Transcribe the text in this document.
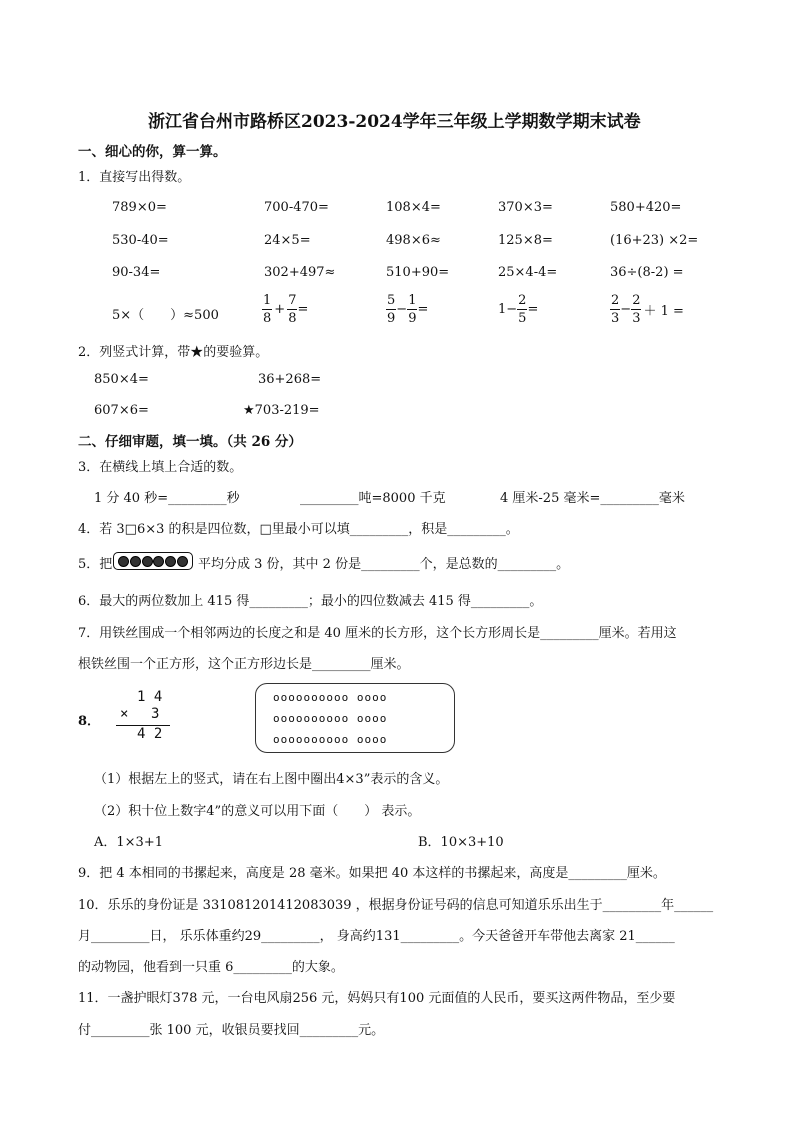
浙江省台州市路桥区2023-2024学年三年级上学期数学期末试卷
一、细心的你，算一算。
1．直接写出得数。
789×0=	700-470=	108×4=	370×3=	580+420=
530-40=	24×5=	498×6≈	125×8=	(16+23) ×2=
90-34=	302+497≈	510+90=	25×4-4=	36÷(8-2) =
5×（　　）≈500	$\frac{1}{8} + \frac{7}{8}$ =	$\frac{5}{9} - \frac{1}{9}$ =	$1- \frac{2}{5}$ =	$\frac{2}{3} - \frac{2}{3} + 1$ =
2．列竖式计算，带★的要验算。
850×4=	36+268=
607×6=	★703-219=
二、仔细审题，填一填。（共 26 分）
3．在横线上填上合适的数。
1 分 40 秒=_________秒	_________吨=8000 千克	4 厘米-25 毫米=_________毫米
4．若 3□6×3 的积是四位数，□里最小可以填_________，积是_________。
5．把	平均分成 3 份，其中 2 份是_________个，是总数的_________。
6．最大的两位数加上 415 得_________；最小的四位数减去 415 得_________。
7．用铁丝围成一个相邻两边的长度之和是 40 厘米的长方形，这个长方形周长是_________厘米。若用这
根铁丝围一个正方形，这个正方形边长是_________厘米。
8．
1 4
× 3
4 2
oooooooooo oooo
oooooooooo oooo
oooooooooo oooo
（1）根据左上的竖式，请在右上图中圈出4×3”表示的含义。
（2）积十位上数字4”的意义可以用下面（　　） 表示。
A．1×3+1	B．10×3+10
9．把 4 本相同的书摞起来，高度是 28 毫米。如果把 40 本这样的书摞起来，高度是_________厘米。
10．乐乐的身份证是 331081201412083039 ，根据身份证号码的信息可知道乐乐出生于_________年______
月_________日， 乐乐体重约29_________， 身高约131_________。今天爸爸开车带他去离家 21______
的动物园，他看到一只重 6_________的大象。
11．一盏护眼灯378 元，一台电风扇256 元，妈妈只有100 元面值的人民币，要买这两件物品，至少要
付_________张 100 元，收银员要找回_________元。
